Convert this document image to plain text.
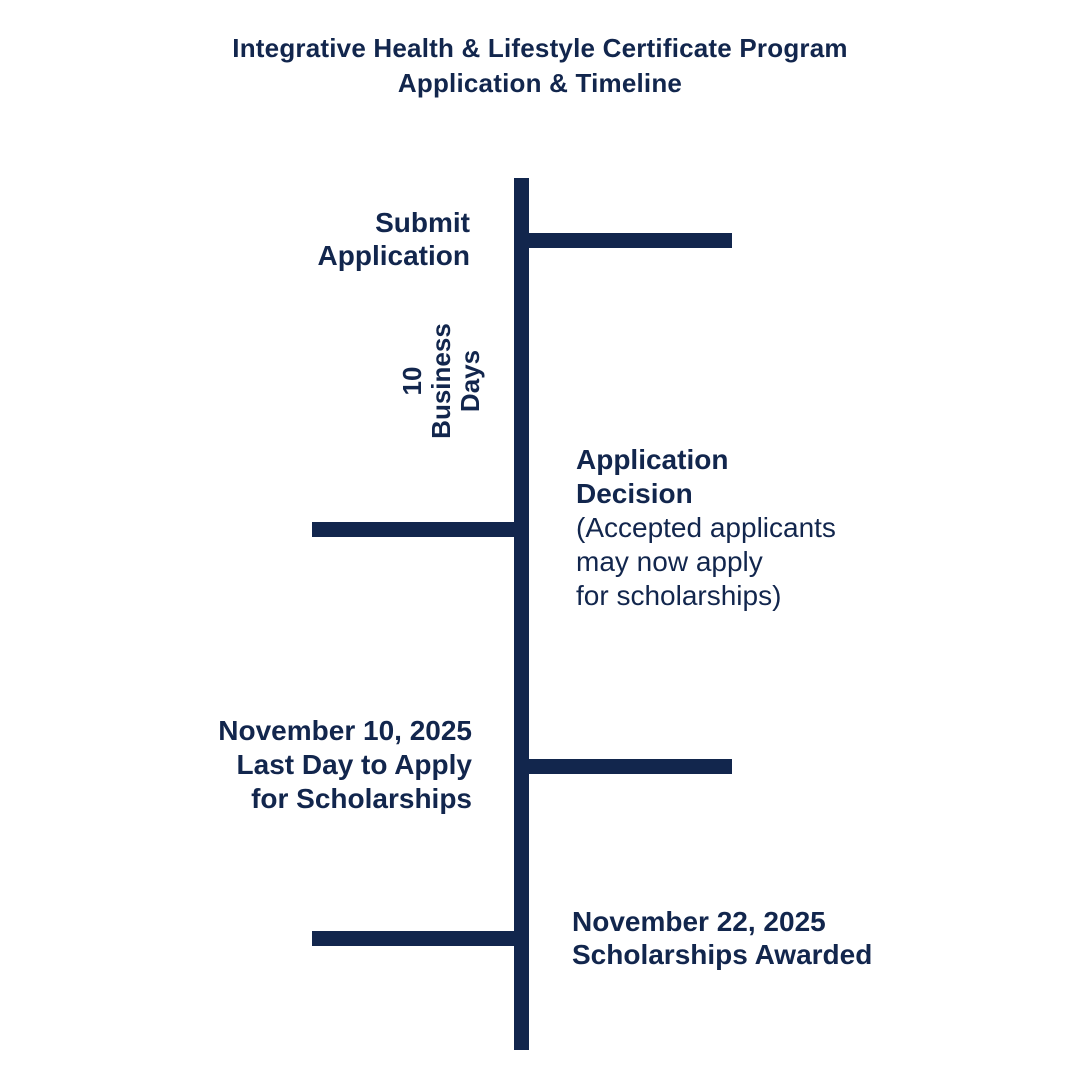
Integrative Health & Lifestyle Certificate Program
Application & Timeline
Submit
Application
10 Business Days
Application
Decision
(Accepted applicants
may now apply
for scholarships)
November 10, 2025
Last Day to Apply
for Scholarships
November 22, 2025
Scholarships Awarded
